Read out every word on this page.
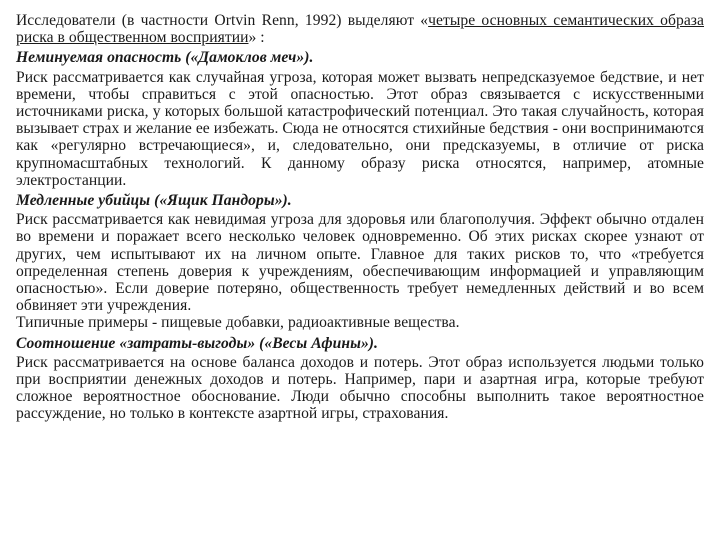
Исследователи (в частности Ortvin Renn, 1992) выделяют «четыре основных семантических образа риска в общественном восприятии» :

Неминуемая опасность («Дамоклов меч»).

Риск рассматривается как случайная угроза, которая может вызвать непредсказуемое бедствие, и нет времени, чтобы справиться с этой опасностью. Этот образ связывается с искусственными источниками риска, у которых большой катастрофический потенциал. Это такая случайность, которая вызывает страх и желание ее избежать. Сюда не относятся стихийные бедствия - они воспринимаются как «регулярно встречающиеся», и, следовательно, они предсказуемы, в отличие от риска крупномасштабных технологий. К данному образу риска относятся, например, атомные электростанции.

Медленные убийцы («Ящик Пандоры»).

Риск рассматривается как невидимая угроза для здоровья или благополучия. Эффект обычно отдален во времени и поражает всего несколько человек одновременно. Об этих рисках скорее узнают от других, чем испытывают их на личном опыте. Главное для таких рисков то, что «требуется определенная степень доверия к учреждениям, обеспечивающим информацией и управляющим опасностью». Если доверие потеряно, общественность требует немедленных действий и во всем обвиняет эти учреждения.

Типичные примеры - пищевые добавки, радиоактивные вещества.

Соотношение «затраты-выгоды» («Весы Афины»).

Риск рассматривается на основе баланса доходов и потерь. Этот образ используется людьми только при восприятии денежных доходов и потерь. Например, пари и азартная игра, которые требуют сложное вероятностное обоснование. Люди обычно способны выполнить такое вероятностное рассуждение, но только в контексте азартной игры, страхования.
